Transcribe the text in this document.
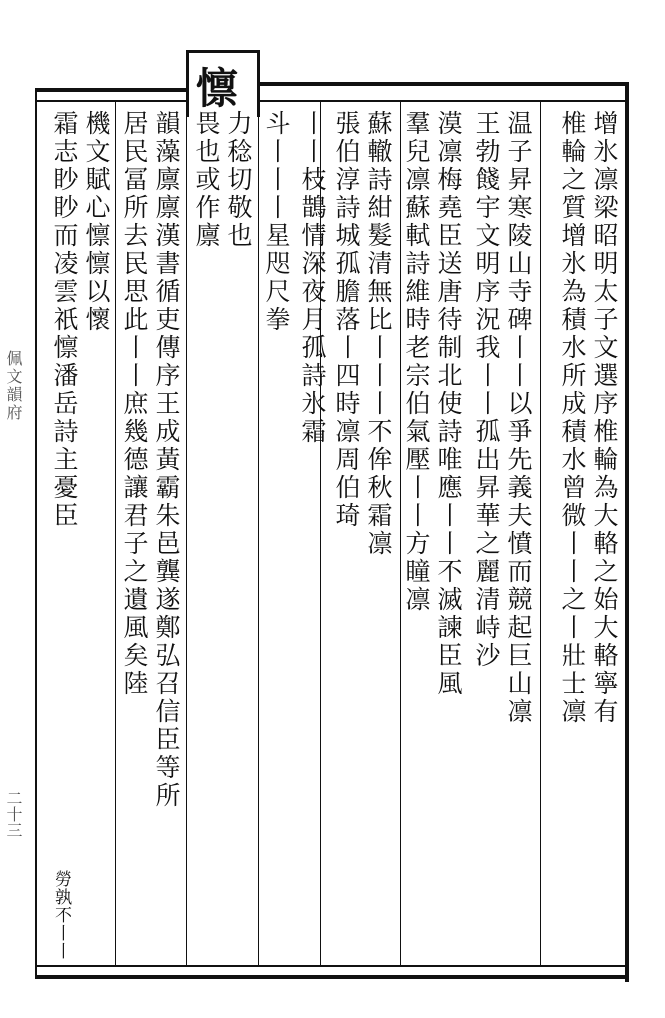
懔
增氷凛梁昭明太子文選序椎輪為大輅之始大輅寧有
椎輪之質增氷為積水所成積水曾微丨丨之丨壯士凛
温子昇寒陵山寺碑丨丨以爭先義夫憤而競起巨山凛
王勃餞宇文明序況我丨丨孤出昇華之麗清峙沙
漠凛梅堯臣送唐待制北使詩唯應丨丨不滅諫臣風
羣兒凛蘇軾詩維時老宗伯氣壓丨丨方瞳凛
蘇轍詩紺髮清無比丨丨丨不侔秋霜凛
張伯淳詩城孤膽落丨四時凛周伯琦
丨丨枝鵲情深夜月孤詩氷霜
斗丨丨丨星咫尺拳
力稔切敬也
畏也或作廪
韻藻廪廪漢書循吏傳序王成黃霸朱邑龔遂鄭弘召信臣等所
居民冨所去民思此丨丨庶幾德讓君子之遺風矣陸
機文賦心懔懔以懷
霜志眇眇而凌雲祇懔潘岳詩主憂臣
勞孰不丨丨
佩文韻府
二十三
